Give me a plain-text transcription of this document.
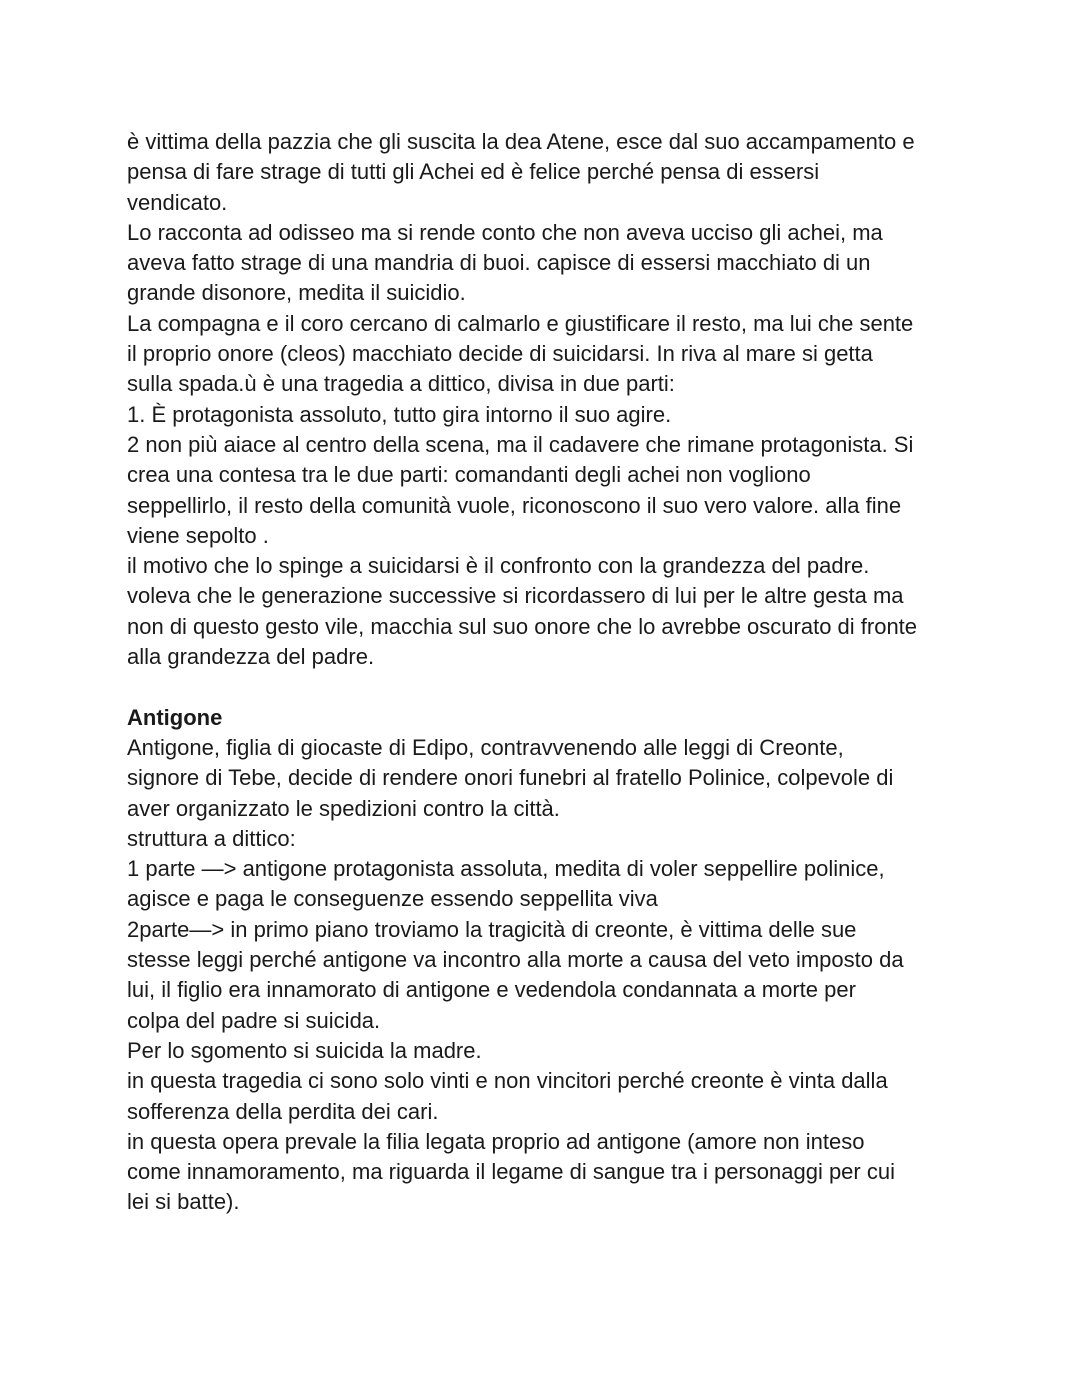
è vittima della pazzia che gli suscita la dea Atene, esce dal suo accampamento e
pensa di fare strage di tutti gli Achei ed è felice perché pensa di essersi
vendicato.
Lo racconta ad odisseo ma si rende conto che non aveva ucciso gli achei, ma
aveva fatto strage di una mandria di buoi. capisce di essersi macchiato di un
grande disonore, medita il suicidio.
La compagna e il coro cercano di calmarlo e giustificare il resto, ma lui che sente
il proprio onore (cleos) macchiato decide di suicidarsi. In riva al mare si getta
sulla spada.ù è una tragedia a dittico, divisa in due parti:
1. È protagonista assoluto, tutto gira intorno il suo agire.
2 non più aiace al centro della scena, ma il cadavere che rimane protagonista. Si
crea una contesa tra le due parti: comandanti degli achei non vogliono
seppellirlo, il resto della comunità vuole, riconoscono il suo vero valore. alla fine
viene sepolto .
il motivo che lo spinge a suicidarsi è il confronto con la grandezza del padre.
voleva che le generazione successive si ricordassero di lui per le altre gesta ma
non di questo gesto vile, macchia sul suo onore che lo avrebbe oscurato di fronte
alla grandezza del padre.
Antigone
Antigone, figlia di giocaste di Edipo, contravvenendo alle leggi di Creonte,
signore di Tebe, decide di rendere onori funebri al fratello Polinice, colpevole di
aver organizzato le spedizioni contro la città.
struttura a dittico:
1 parte —> antigone protagonista assoluta, medita di voler seppellire polinice,
agisce e paga le conseguenze essendo seppellita viva
2parte—> in primo piano troviamo la tragicità di creonte, è vittima delle sue
stesse leggi perché antigone va incontro alla morte a causa del veto imposto da
lui, il figlio era innamorato di antigone e vedendola condannata a morte per
colpa del padre si suicida.
Per lo sgomento si suicida la madre.
in questa tragedia ci sono solo vinti e non vincitori perché creonte è vinta dalla
sofferenza della perdita dei cari.
in questa opera prevale la filia legata proprio ad antigone (amore non inteso
come innamoramento, ma riguarda il legame di sangue tra i personaggi per cui
lei si batte).
